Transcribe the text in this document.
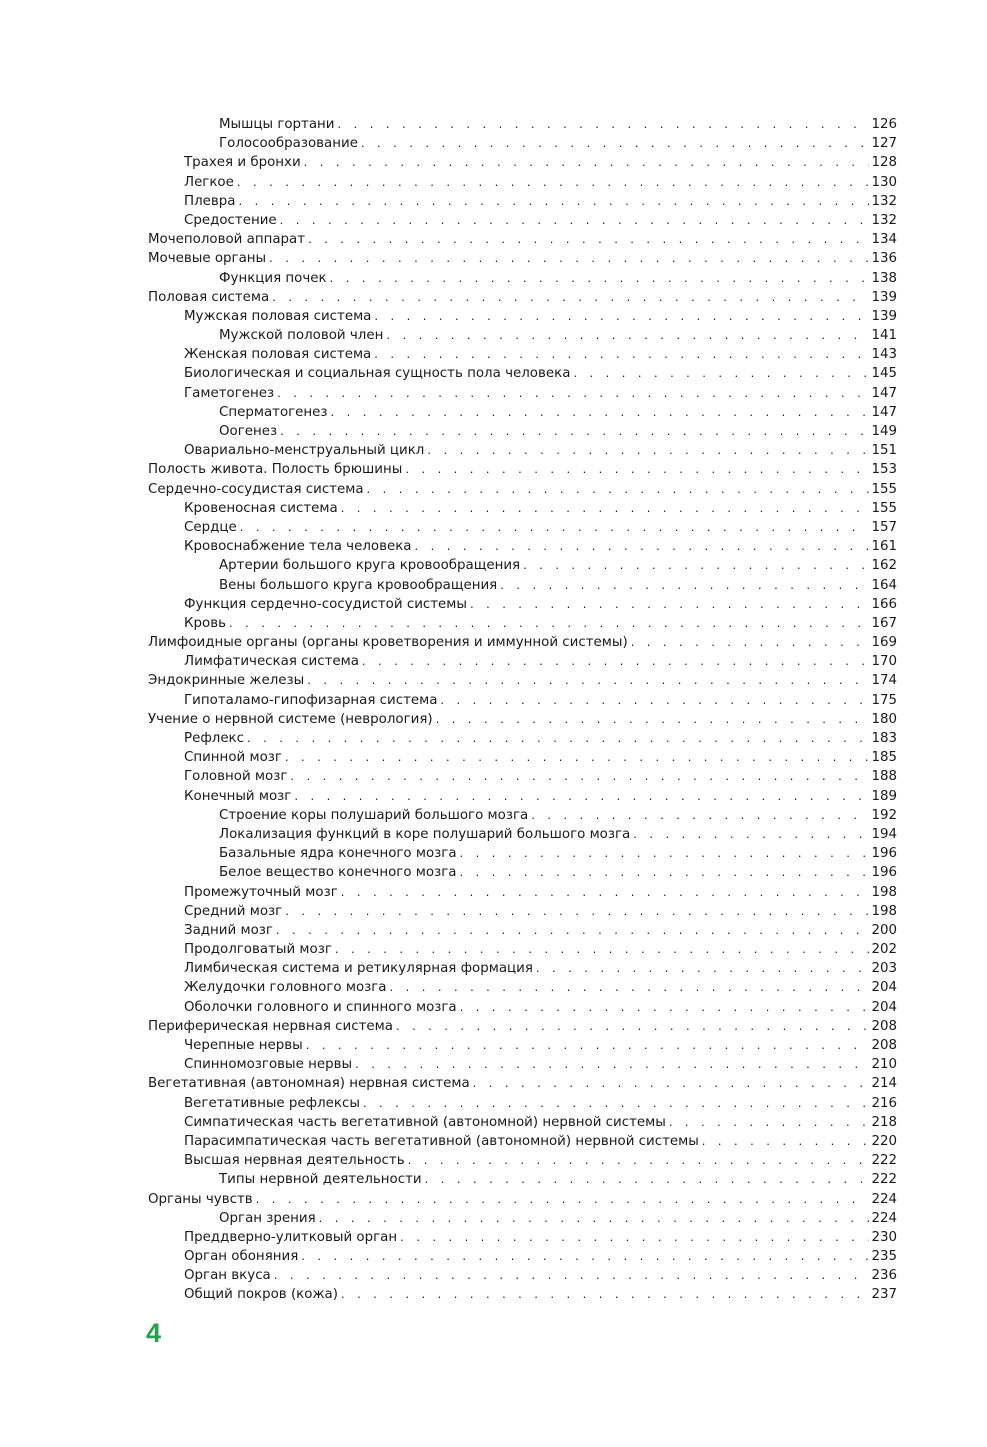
Мышцы гортани . . .	126
Голосообразование . . .	127
Трахея и бронхи . . .	128
Легкое . . .	130
Плевра . . .	132
Средостение . . .	132
Мочеполовой аппарат . . .	134
Мочевые органы . . .	136
Функция почек . . .	138
Половая система . . .	139
Мужская половая система . . .	139
Мужской половой член . . .	141
Женская половая система . . .	143
Биологическая и социальная сущность пола человека . . .	145
Гаметогенез . . .	147
Сперматогенез . . .	147
Оогенез . . .	149
Овариально-менструальный цикл . . .	151
Полость живота. Полость брюшины . . .	153
Сердечно-сосудистая система . . .	155
Кровеносная система . . .	155
Сердце . . .	157
Кровоснабжение тела человека . . .	161
Артерии большого круга кровообращения . . .	162
Вены большого круга кровообращения . . .	164
Функция сердечно-сосудистой системы . . .	166
Кровь . . .	167
Лимфоидные органы (органы кроветворения и иммунной системы) . . .	169
Лимфатическая система . . .	170
Эндокринные железы . . .	174
Гипоталамо-гипофизарная система . . .	175
Учение о нервной системе (неврология) . . .	180
Рефлекс . . .	183
Спинной мозг . . .	185
Головной мозг . . .	188
Конечный мозг . . .	189
Строение коры полушарий большого мозга . . .	192
Локализация функций в коре полушарий большого мозга . . .	194
Базальные ядра конечного мозга . . .	196
Белое вещество конечного мозга . . .	196
Промежуточный мозг . . .	198
Средний мозг . . .	198
Задний мозг . . .	200
Продолговатый мозг . . .	202
Лимбическая система и ретикулярная формация . . .	203
Желудочки головного мозга . . .	204
Оболочки головного и спинного мозга . . .	204
Периферическая нервная система . . .	208
Черепные нервы . . .	208
Спинномозговые нервы . . .	210
Вегетативная (автономная) нервная система . . .	214
Вегетативные рефлексы . . .	216
Симпатическая часть вегетативной (автономной) нервной системы . . .	218
Парасимпатическая часть вегетативной (автономной) нервной системы . . .	220
Высшая нервная деятельность . . .	222
Типы нервной деятельности . . .	222
Органы чувств . . .	224
Орган зрения . . .	224
Преддверно-улитковый орган . . .	230
Орган обоняния . . .	235
Орган вкуса . . .	236
Общий покров (кожа) . . .	237
4
